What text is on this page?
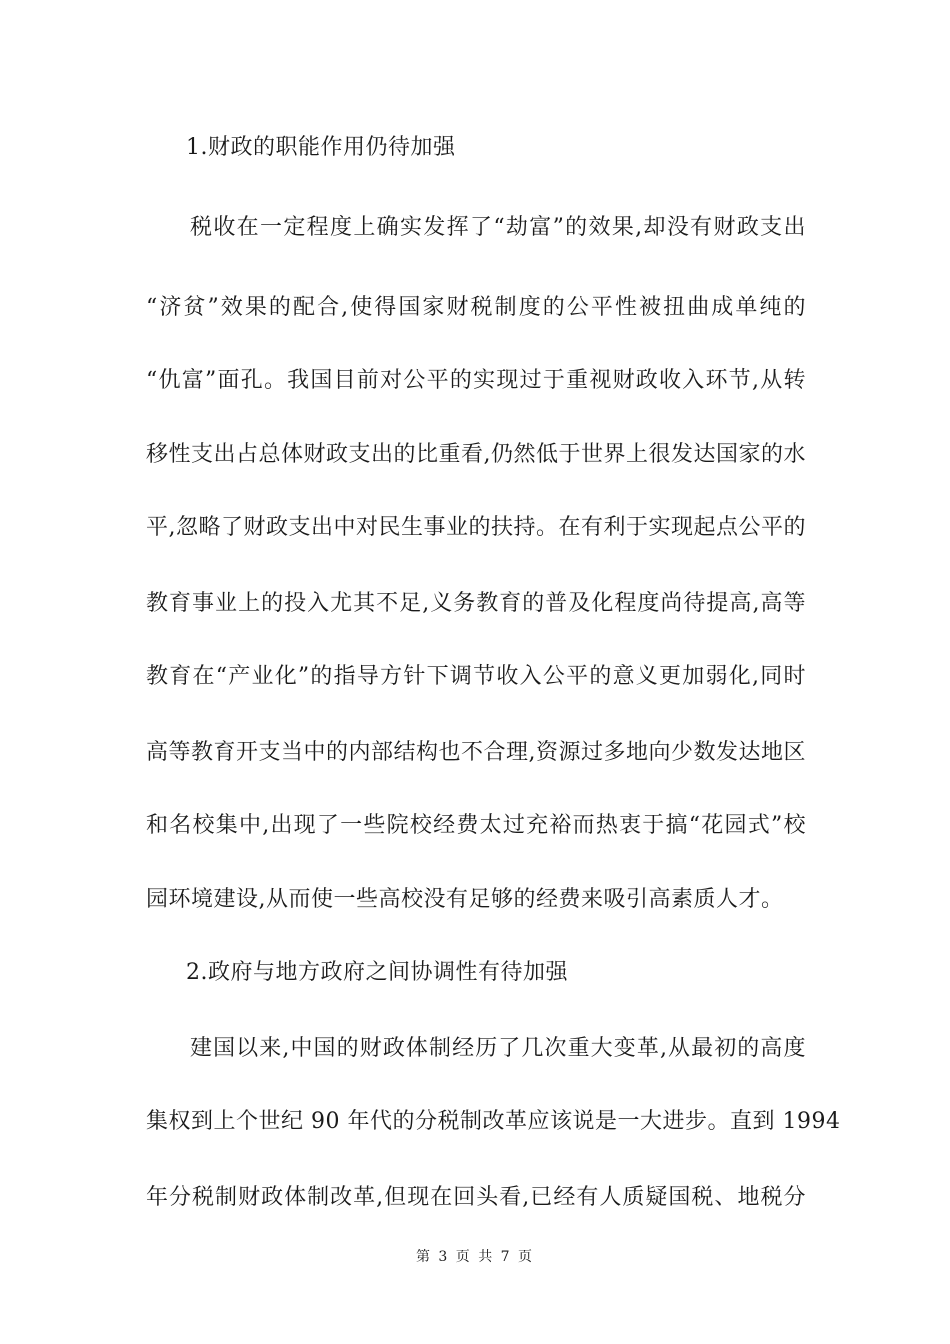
1.财政的职能作用仍待加强
税收在一定程度上确实发挥了“劫富”的效果,却没有财政支出
“济贫”效果的配合,使得国家财税制度的公平性被扭曲成单纯的
“仇富”面孔。我国目前对公平的实现过于重视财政收入环节,从转
移性支出占总体财政支出的比重看,仍然低于世界上很发达国家的水
平,忽略了财政支出中对民生事业的扶持。在有利于实现起点公平的
教育事业上的投入尤其不足,义务教育的普及化程度尚待提高,高等
教育在“产业化”的指导方针下调节收入公平的意义更加弱化,同时
高等教育开支当中的内部结构也不合理,资源过多地向少数发达地区
和名校集中,出现了一些院校经费太过充裕而热衷于搞“花园式”校
园环境建设,从而使一些高校没有足够的经费来吸引高素质人才。
2.政府与地方政府之间协调性有待加强
建国以来,中国的财政体制经历了几次重大变革,从最初的高度
集权到上个世纪 90 年代的分税制改革应该说是一大进步。直到 1994
年分税制财政体制改革,但现在回头看,已经有人质疑国税、地税分
第 3 页 共 7 页
